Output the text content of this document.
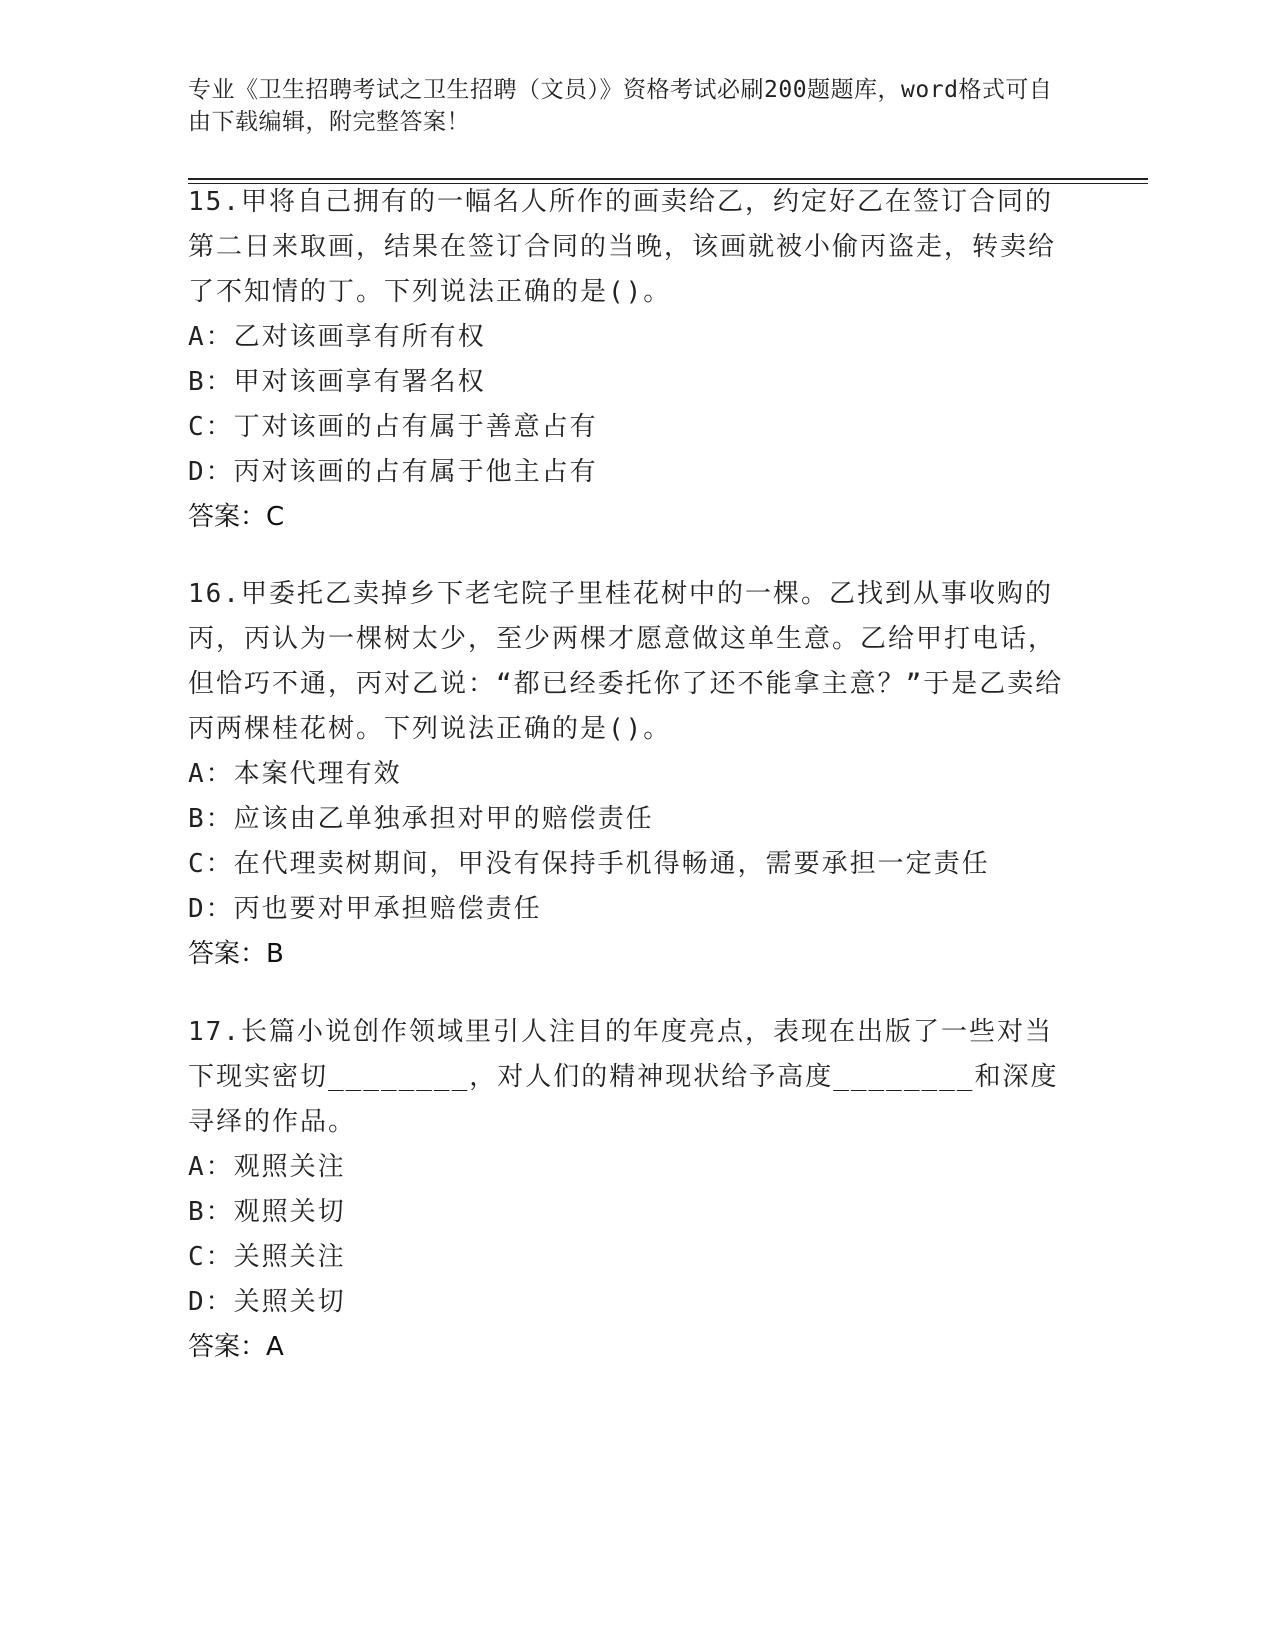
专业《卫生招聘考试之卫生招聘（文员）》资格考试必刷200题题库，word格式可自由下载编辑，附完整答案！

15.甲将自己拥有的一幅名人所作的画卖给乙，约定好乙在签订合同的第二日来取画，结果在签订合同的当晚，该画就被小偷丙盗走，转卖给了不知情的丁。下列说法正确的是()。

A：乙对该画享有所有权

B：甲对该画享有署名权

C：丁对该画的占有属于善意占有

D：丙对该画的占有属于他主占有

答案：C

16.甲委托乙卖掉乡下老宅院子里桂花树中的一棵。乙找到从事收购的丙，丙认为一棵树太少，至少两棵才愿意做这单生意。乙给甲打电话，但恰巧不通，丙对乙说：“都已经委托你了还不能拿主意？”于是乙卖给丙两棵桂花树。下列说法正确的是()。

A：本案代理有效

B：应该由乙单独承担对甲的赔偿责任

C：在代理卖树期间，甲没有保持手机得畅通，需要承担一定责任

D：丙也要对甲承担赔偿责任

答案：B

17.长篇小说创作领域里引人注目的年度亮点，表现在出版了一些对当下现实密切________，对人们的精神现状给予高度________和深度寻绎的作品。

A：观照关注

B：观照关切

C：关照关注

D：关照关切

答案：A
